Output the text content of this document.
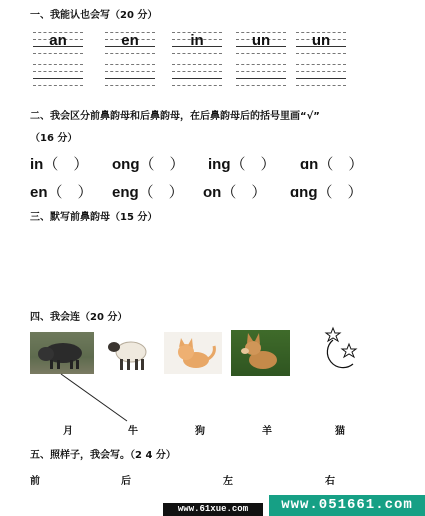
一、我能认也会写（20 分）
an	en	in	un	un
二、我会区分前鼻韵母和后鼻韵母，在后鼻韵母后的括号里画“√”
（16 分）
in（　） ong（　） ing（　） ɑn（　）
en（　） eng（　） on（　） ɑng（　）
三、默写前鼻韵母（15 分）
四、我会连（20 分）
月	牛	狗	羊	猫
五、照样子，我会写。（2 4 分）
前	后	左	右
www.61xue.com	www.051661.com
